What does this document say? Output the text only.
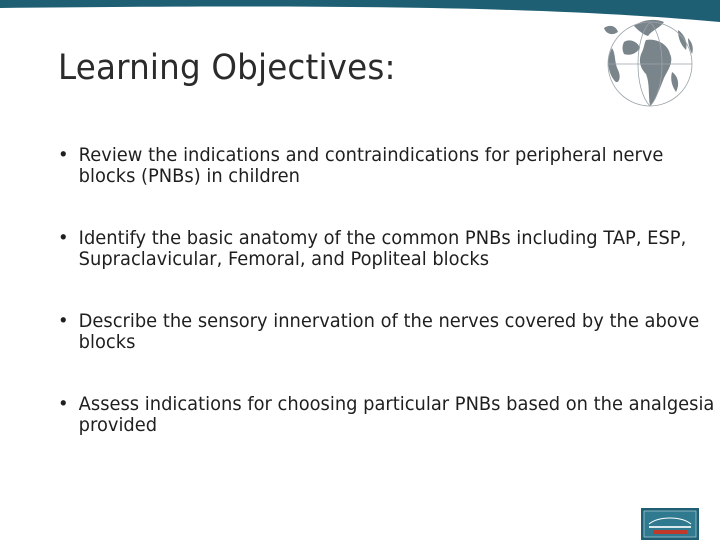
Learning Objectives:
• Review the indications and contraindications for peripheral nerve blocks (PNBs) in children
• Identify the basic anatomy of the common PNBs including TAP, ESP, Supraclavicular, Femoral, and Popliteal blocks
• Describe the sensory innervation of the nerves covered by the above blocks
• Assess indications for choosing particular PNBs based on the analgesia provided
